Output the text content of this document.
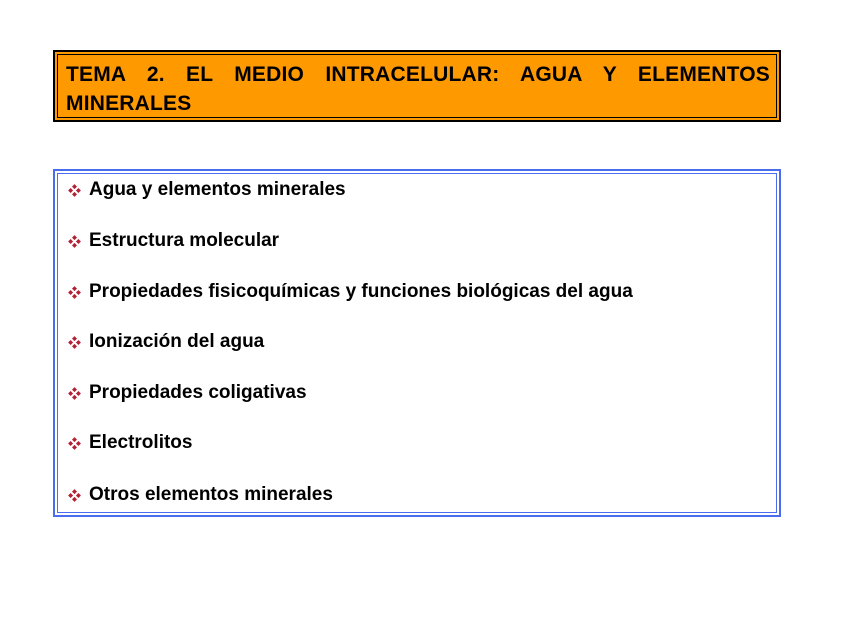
TEMA 2. EL MEDIO INTRACELULAR: AGUA Y ELEMENTOS MINERALES

Agua y elementos minerales
Estructura molecular
Propiedades fisicoquímicas y funciones biológicas del agua
Ionización del agua
Propiedades coligativas
Electrolitos
Otros elementos minerales
